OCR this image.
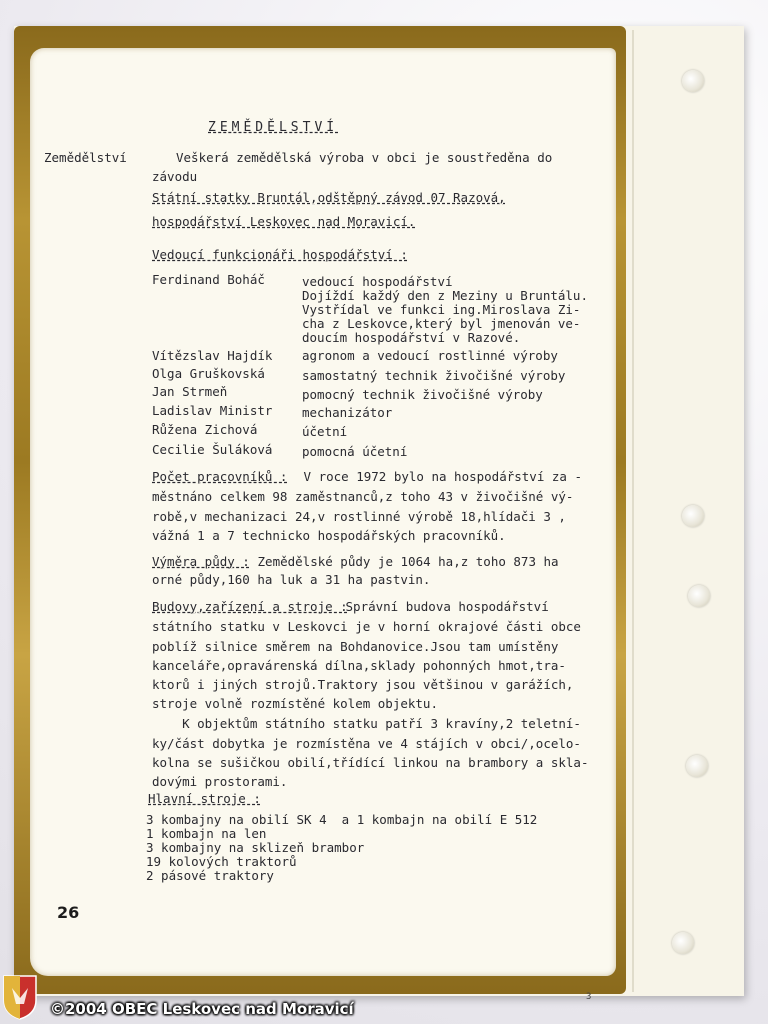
ZEMĚDĚLSTVÍ
Zemědělství	Veškerá zemědělská výroba v obci je soustředěna do
závodu
Státní statky Bruntál,odštěpný závod 07 Razová,
hospodářství Leskovec nad Moravicí.
Vedoucí funkcionáři hospodářství :
Ferdinand Boháč	vedoucí hospodářství
Dojíždí každý den z Meziny u Bruntálu.
Vystřídal ve funkci ing.Miroslava Zi-
cha z Leskovce,který byl jmenován ve-
doucím hospodářství v Razové.
Vítězslav Hajdík agronom a vedoucí rostlinné výroby
Olga Gruškovská	samostatný technik živočišné výroby
Jan Strmeň	pomocný technik živočišné výroby
Ladislav Ministr mechanizátor
Růžena Zichová	účetní
Cecilie Šuláková pomocná účetní
Počet pracovníků : V roce 1972 bylo na hospodářství za -
městnáno celkem 98 zaměstnanců,z toho 43 v živočišné vý-
robě,v mechanizaci 24,v rostlinné výrobě 18,hlídači 3 ,
vážná 1 a 7 technicko hospodářských pracovníků.
Výměra půdy : Zemědělské půdy je 1064 ha,z toho 873 ha
orné půdy,160 ha luk a 31 ha pastvin.
Budovy,zařízení a stroje :
Správní budova hospodářství
státního statku v Leskovci je v horní okrajové části obce
poblíž silnice směrem na Bohdanovice.Jsou tam umístěny
kanceláře,opravárenská dílna,sklady pohonných hmot,tra-
ktorů i jiných strojů.Traktory jsou většinou v garážích,
stroje volně rozmístěné kolem objektu.
K objektům státního statku patří 3 kravíny,2 teletní-
ky/část dobytka je rozmístěna ve 4 stájích v obci/,ocelo-
kolna se sušičkou obilí,třídící linkou na brambory a skla-
dovými prostorami.
Hlavní stroje :
3 kombajny na obilí SK 4  a 1 kombajn na obilí E 512
1 kombajn na len
3 kombajny na sklizeň brambor
19 kolových traktorů
2 pásové traktory
26
3
©2004 OBEC Leskovec nad Moravicí
